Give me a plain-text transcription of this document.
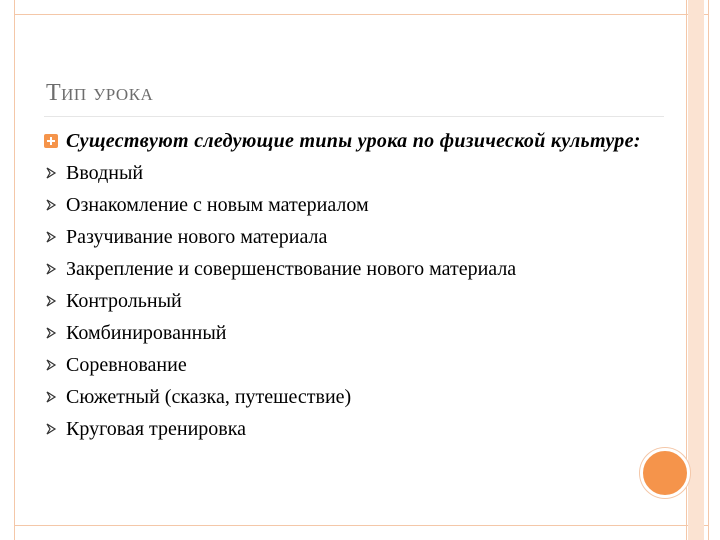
Тип урока
Существуют следующие типы урока по физической культуре:
Вводный
Ознакомление с новым материалом
Разучивание нового материала
Закрепление и совершенствование нового материала
Контрольный
Комбинированный
Соревнование
Сюжетный (сказка, путешествие)
Круговая тренировка
